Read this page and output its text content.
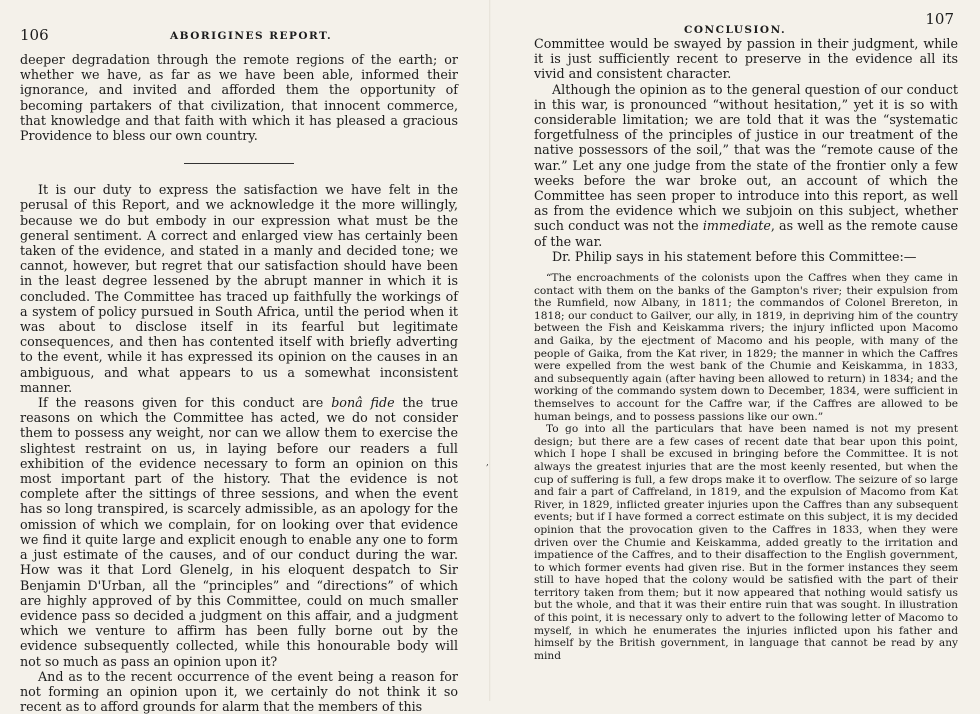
106	ABORIGINES REPORT.

deeper degradation through the remote regions of the earth; or whether we have, as far as we have been able, informed their ignorance, and invited and afforded them the opportunity of becoming partakers of that civilization, that innocent commerce, that knowledge and that faith with which it has pleased a gracious Providence to bless our own country.

It is our duty to express the satisfaction we have felt in the perusal of this Report, and we acknowledge it the more willingly, because we do but embody in our expression what must be the general sentiment. A correct and enlarged view has certainly been taken of the evidence, and stated in a manly and decided tone; we cannot, however, but regret that our satisfaction should have been in the least degree lessened by the abrupt manner in which it is concluded. The Committee has traced up faithfully the workings of a system of policy pursued in South Africa, until the period when it was about to disclose itself in its fearful but legitimate consequences, and then has contented itself with briefly adverting to the event, while it has expressed its opinion on the causes in an ambiguous, and what appears to us a somewhat inconsistent manner.

If the reasons given for this conduct are bonâ fide the true reasons on which the Committee has acted, we do not consider them to possess any weight, nor can we allow them to exercise the slightest restraint on us, in laying before our readers a full exhibition of the evidence necessary to form an opinion on this most important part of the history. That the evidence is not complete after the sittings of three sessions, and when the event has so long transpired, is scarcely admissible, as an apology for the omission of which we complain, for on looking over that evidence we find it quite large and explicit enough to enable any one to form a just estimate of the causes, and of our conduct during the war. How was it that Lord Glenelg, in his eloquent despatch to Sir Benjamin D'Urban, all the “principles” and “directions” of which are highly approved of by this Committee, could on much smaller evidence pass so decided a judgment on this affair, and a judgment which we venture to affirm has been fully borne out by the evidence subsequently collected, while this honourable body will not so much as pass an opinion upon it?

And as to the recent occurrence of the event being a reason for not forming an opinion upon it, we certainly do not think it so recent as to afford grounds for alarm that the members of this

,
CONCLUSION.
107

Committee would be swayed by passion in their judgment, while it is just sufficiently recent to preserve in the evidence all its vivid and consistent character.

Although the opinion as to the general question of our conduct in this war, is pronounced “without hesitation,” yet it is so with considerable limitation; we are told that it was the “systematic forgetfulness of the principles of justice in our treatment of the native possessors of the soil,” that was the “remote cause of the war.” Let any one judge from the state of the frontier only a few weeks before the war broke out, an account of which the Committee has seen proper to introduce into this report, as well as from the evidence which we subjoin on this subject, whether such conduct was not the immediate, as well as the remote cause of the war.

Dr. Philip says in his statement before this Committee:—

“The encroachments of the colonists upon the Caffres when they came in contact with them on the banks of the Gampton's river; their expulsion from the Rumfield, now Albany, in 1811; the commandos of Colonel Brereton, in 1818; our conduct to Gailver, our ally, in 1819, in depriving him of the country between the Fish and Keiskamma rivers; the injury inflicted upon Macomo and Gaika, by the ejectment of Macomo and his people, with many of the people of Gaika, from the Kat river, in 1829; the manner in which the Caffres were expelled from the west bank of the Chumie and Keiskamma, in 1833, and subsequently again (after having been allowed to return) in 1834; and the working of the commando system down to December, 1834, were sufficient in themselves to account for the Caffre war, if the Caffres are allowed to be human beings, and to possess passions like our own.”

To go into all the particulars that have been named is not my present design; but there are a few cases of recent date that bear upon this point, which I hope I shall be excused in bringing before the Committee. It is not always the greatest injuries that are the most keenly resented, but when the cup of suffering is full, a few drops make it to overflow. The seizure of so large and fair a part of Caffreland, in 1819, and the expulsion of Macomo from Kat River, in 1829, inflicted greater injuries upon the Caffres than any subsequent events; but if I have formed a correct estimate on this subject, it is my decided opinion that the provocation given to the Caffres in 1833, when they were driven over the Chumie and Keiskamma, added greatly to the irritation and impatience of the Caffres, and to their disaffection to the English government, to which former events had given rise. But in the former instances they seem still to have hoped that the colony would be satisfied with the part of their territory taken from them; but it now appeared that nothing would satisfy us but the whole, and that it was their entire ruin that was sought. In illustration of this point, it is necessary only to advert to the following letter of Macomo to myself, in which he enumerates the injuries inflicted upon his father and himself by the British government, in language that cannot be read by any mind
